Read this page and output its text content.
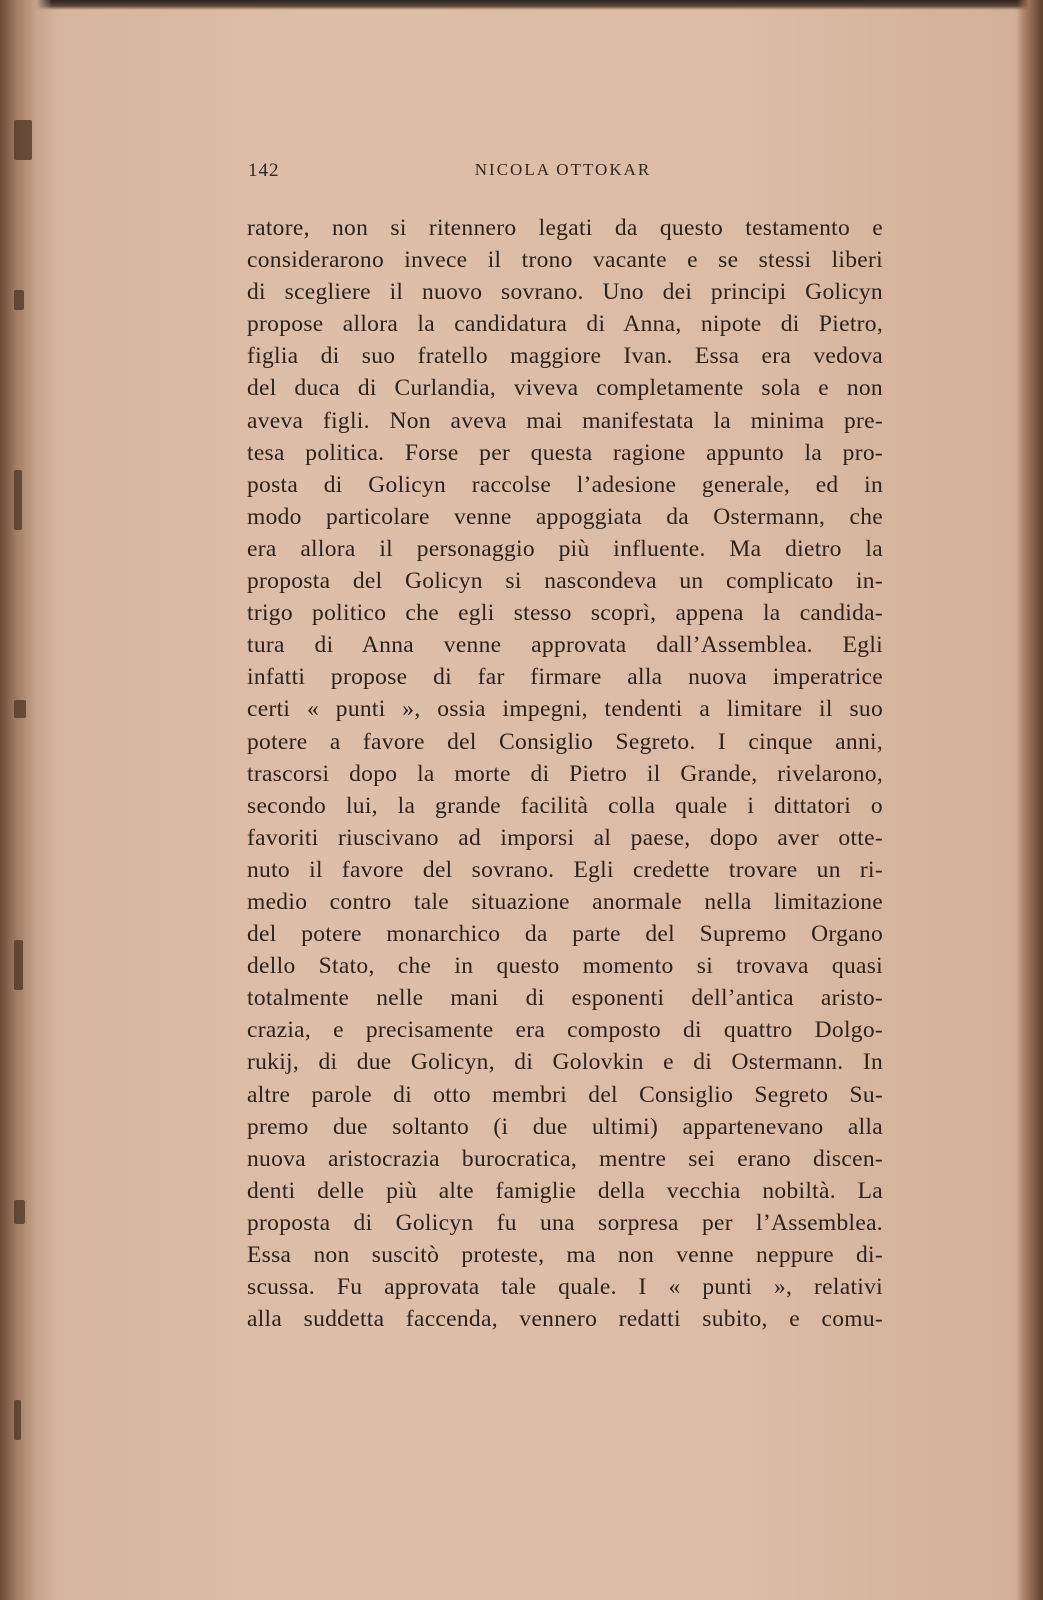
142	NICOLA OTTOKAR
ratore, non si ritennero legati da questo testamento e
considerarono invece il trono vacante e se stessi liberi
di scegliere il nuovo sovrano. Uno dei principi Golicyn
propose allora la candidatura di Anna, nipote di Pietro,
figlia di suo fratello maggiore Ivan. Essa era vedova
del duca di Curlandia, viveva completamente sola e non
aveva figli. Non aveva mai manifestata la minima pre-
tesa politica. Forse per questa ragione appunto la pro-
posta di Golicyn raccolse l’adesione generale, ed in
modo particolare venne appoggiata da Ostermann, che
era allora il personaggio più influente. Ma dietro la
proposta del Golicyn si nascondeva un complicato in-
trigo politico che egli stesso scoprì, appena la candida-
tura di Anna venne approvata dall’Assemblea. Egli
infatti propose di far firmare alla nuova imperatrice
certi « punti », ossia impegni, tendenti a limitare il suo
potere a favore del Consiglio Segreto. I cinque anni,
trascorsi dopo la morte di Pietro il Grande, rivelarono,
secondo lui, la grande facilità colla quale i dittatori o
favoriti riuscivano ad imporsi al paese, dopo aver otte-
nuto il favore del sovrano. Egli credette trovare un ri-
medio contro tale situazione anormale nella limitazione
del potere monarchico da parte del Supremo Organo
dello Stato, che in questo momento si trovava quasi
totalmente nelle mani di esponenti dell’antica aristo-
crazia, e precisamente era composto di quattro Dolgo-
rukij, di due Golicyn, di Golovkin e di Ostermann. In
altre parole di otto membri del Consiglio Segreto Su-
premo due soltanto (i due ultimi) appartenevano alla
nuova aristocrazia burocratica, mentre sei erano discen-
denti delle più alte famiglie della vecchia nobiltà. La
proposta di Golicyn fu una sorpresa per l’Assemblea.
Essa non suscitò proteste, ma non venne neppure di-
scussa. Fu approvata tale quale. I « punti », relativi
alla suddetta faccenda, vennero redatti subito, e comu-
